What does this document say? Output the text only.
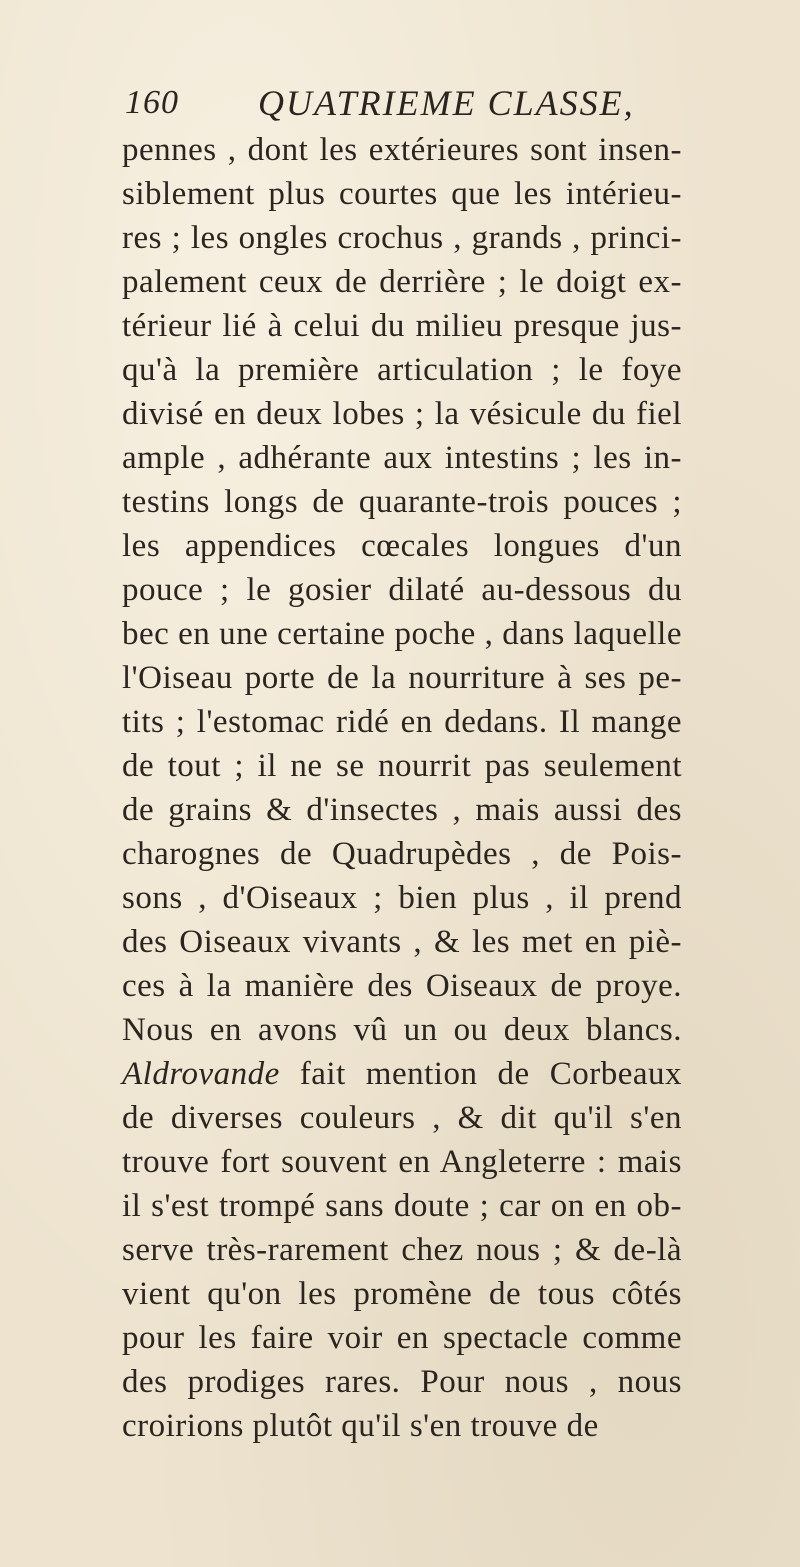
160 QUATRIEME CLASSE,
pennes , dont les extérieures sont insen-
siblement plus courtes que les intérieu-
res ; les ongles crochus , grands , princi-
palement ceux de derrière ; le doigt ex-
térieur lié à celui du milieu presque jus-
qu'à la première articulation ; le foye
divisé en deux lobes ; la vésicule du fiel
ample , adhérante aux intestins ; les in-
testins longs de quarante-trois pouces ;
les appendices cœcales longues d'un
pouce ; le gosier dilaté au-dessous du
bec en une certaine poche , dans laquelle
l'Oiseau porte de la nourriture à ses pe-
tits ; l'estomac ridé en dedans. Il mange
de tout ; il ne se nourrit pas seulement
de grains & d'insectes , mais aussi des
charognes de Quadrupèdes , de Pois-
sons , d'Oiseaux ; bien plus , il prend
des Oiseaux vivants , & les met en piè-
ces à la manière des Oiseaux de proye.
Nous en avons vû un ou deux blancs.
Aldrovande fait mention de Corbeaux
de diverses couleurs , & dit qu'il s'en
trouve fort souvent en Angleterre : mais
il s'est trompé sans doute ; car on en ob-
serve très-rarement chez nous ; & de-là
vient qu'on les promène de tous côtés
pour les faire voir en spectacle comme
des prodiges rares. Pour nous , nous
croirions plutôt qu'il s'en trouve de
